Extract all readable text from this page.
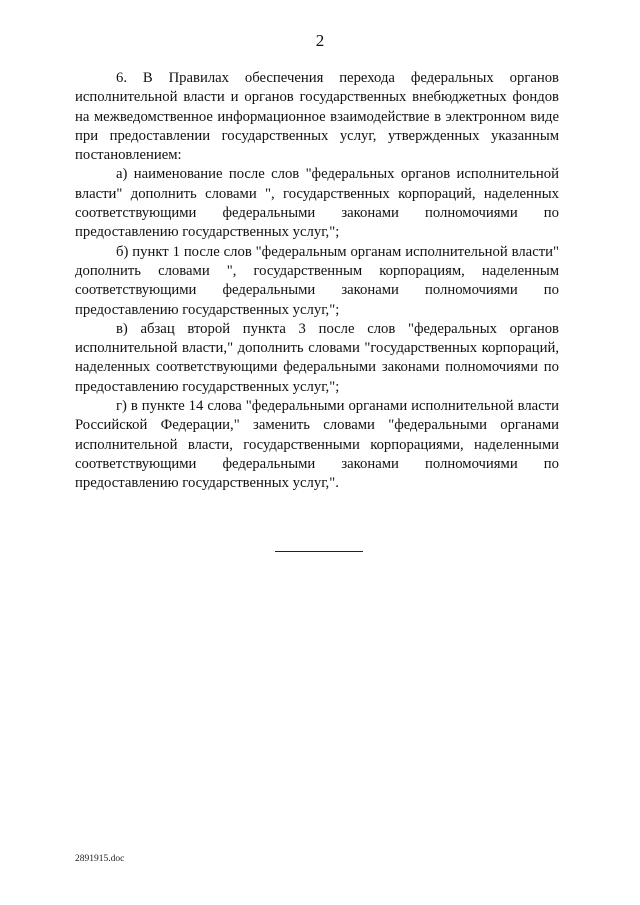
2

6. В Правилах обеспечения перехода федеральных органов исполнительной власти и органов государственных внебюджетных фондов на межведомственное информационное взаимодействие в электронном виде при предоставлении государственных услуг, утвержденных указанным постановлением:

а) наименование после слов "федеральных органов исполнительной власти" дополнить словами ", государственных корпораций, наделенных соответствующими федеральными законами полномочиями по предоставлению государственных услуг,";

б) пункт 1 после слов "федеральным органам исполнительной власти" дополнить словами ", государственным корпорациям, наделенным соответствующими федеральными законами полномочиями по предоставлению государственных услуг,";

в) абзац второй пункта 3 после слов "федеральных органов исполнительной власти," дополнить словами "государственных корпораций, наделенных соответствующими федеральными законами полномочиями по предоставлению государственных услуг,";

г) в пункте 14 слова "федеральными органами исполнительной власти Российской Федерации," заменить словами "федеральными органами исполнительной власти, государственными корпорациями, наделенными соответствующими федеральными законами полномочиями по предоставлению государственных услуг,".

2891915.doc
